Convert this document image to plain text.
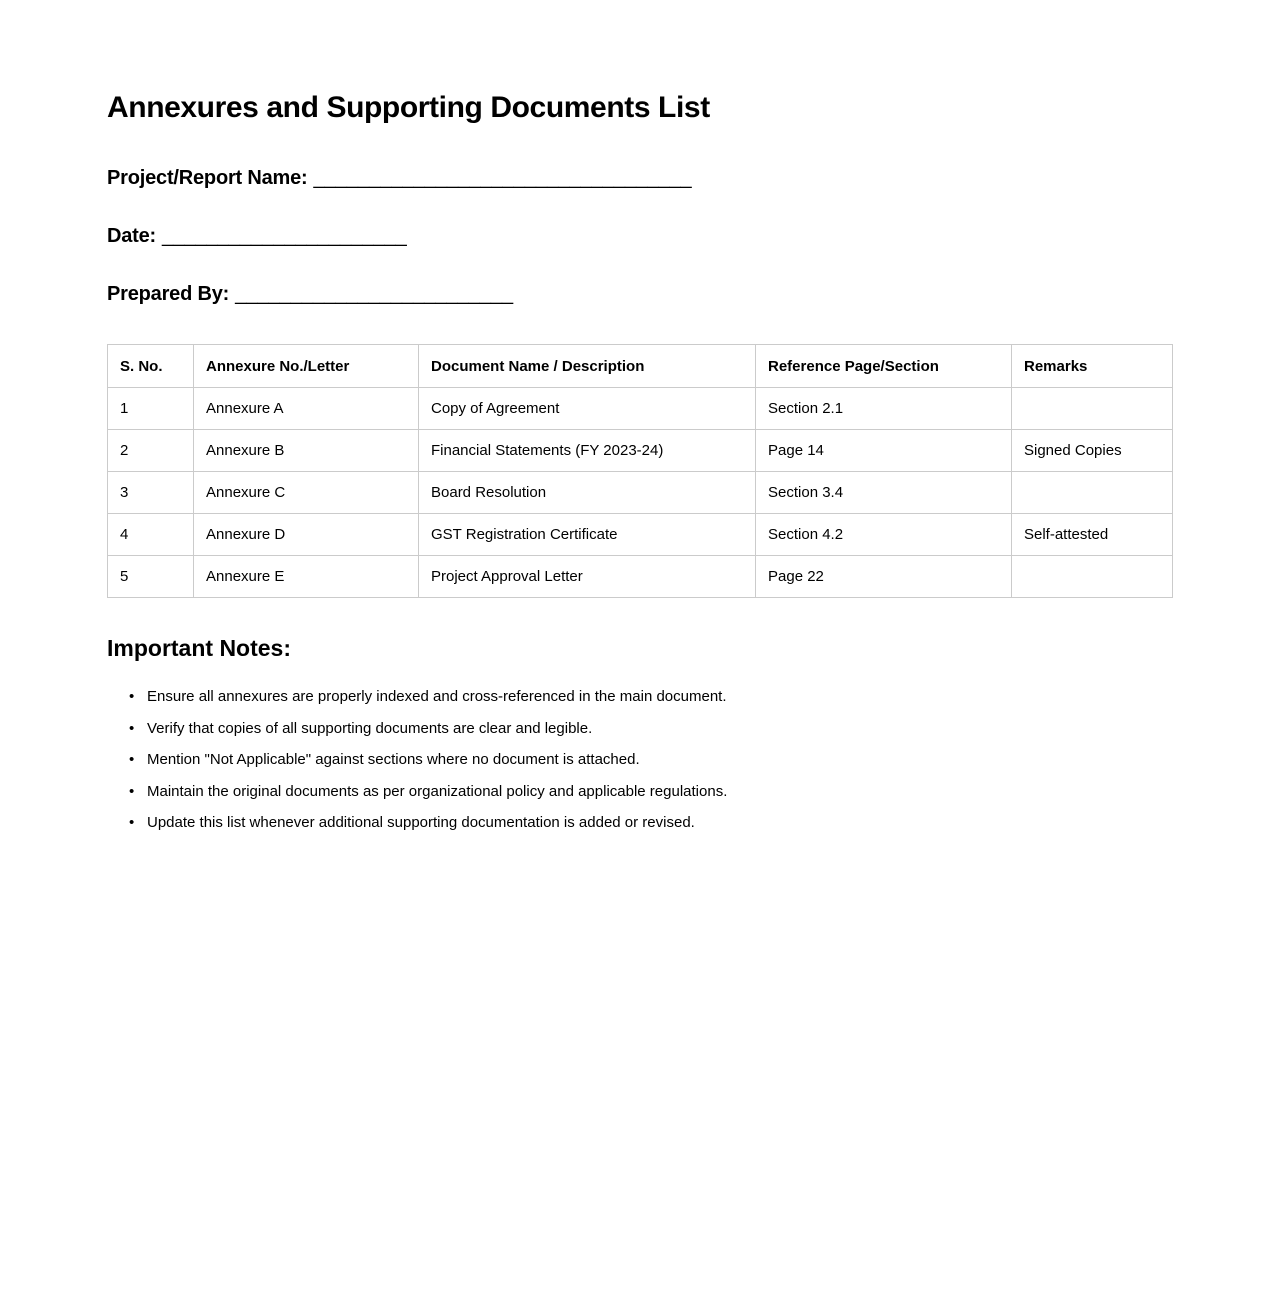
Annexures and Supporting Documents List
Project/Report Name: __________________________________
Date: ______________________
Prepared By: _________________________
S. No.	Annexure No./Letter	Document Name / Description	Reference Page/Section	Remarks
1	Annexure A	Copy of Agreement	Section 2.1	
2	Annexure B	Financial Statements (FY 2023-24)	Page 14	Signed Copies
3	Annexure C	Board Resolution	Section 3.4	
4	Annexure D	GST Registration Certificate	Section 4.2	Self-attested
5	Annexure E	Project Approval Letter	Page 22	
Important Notes:
• Ensure all annexures are properly indexed and cross-referenced in the main document.
• Verify that copies of all supporting documents are clear and legible.
• Mention "Not Applicable" against sections where no document is attached.
• Maintain the original documents as per organizational policy and applicable regulations.
• Update this list whenever additional supporting documentation is added or revised.
